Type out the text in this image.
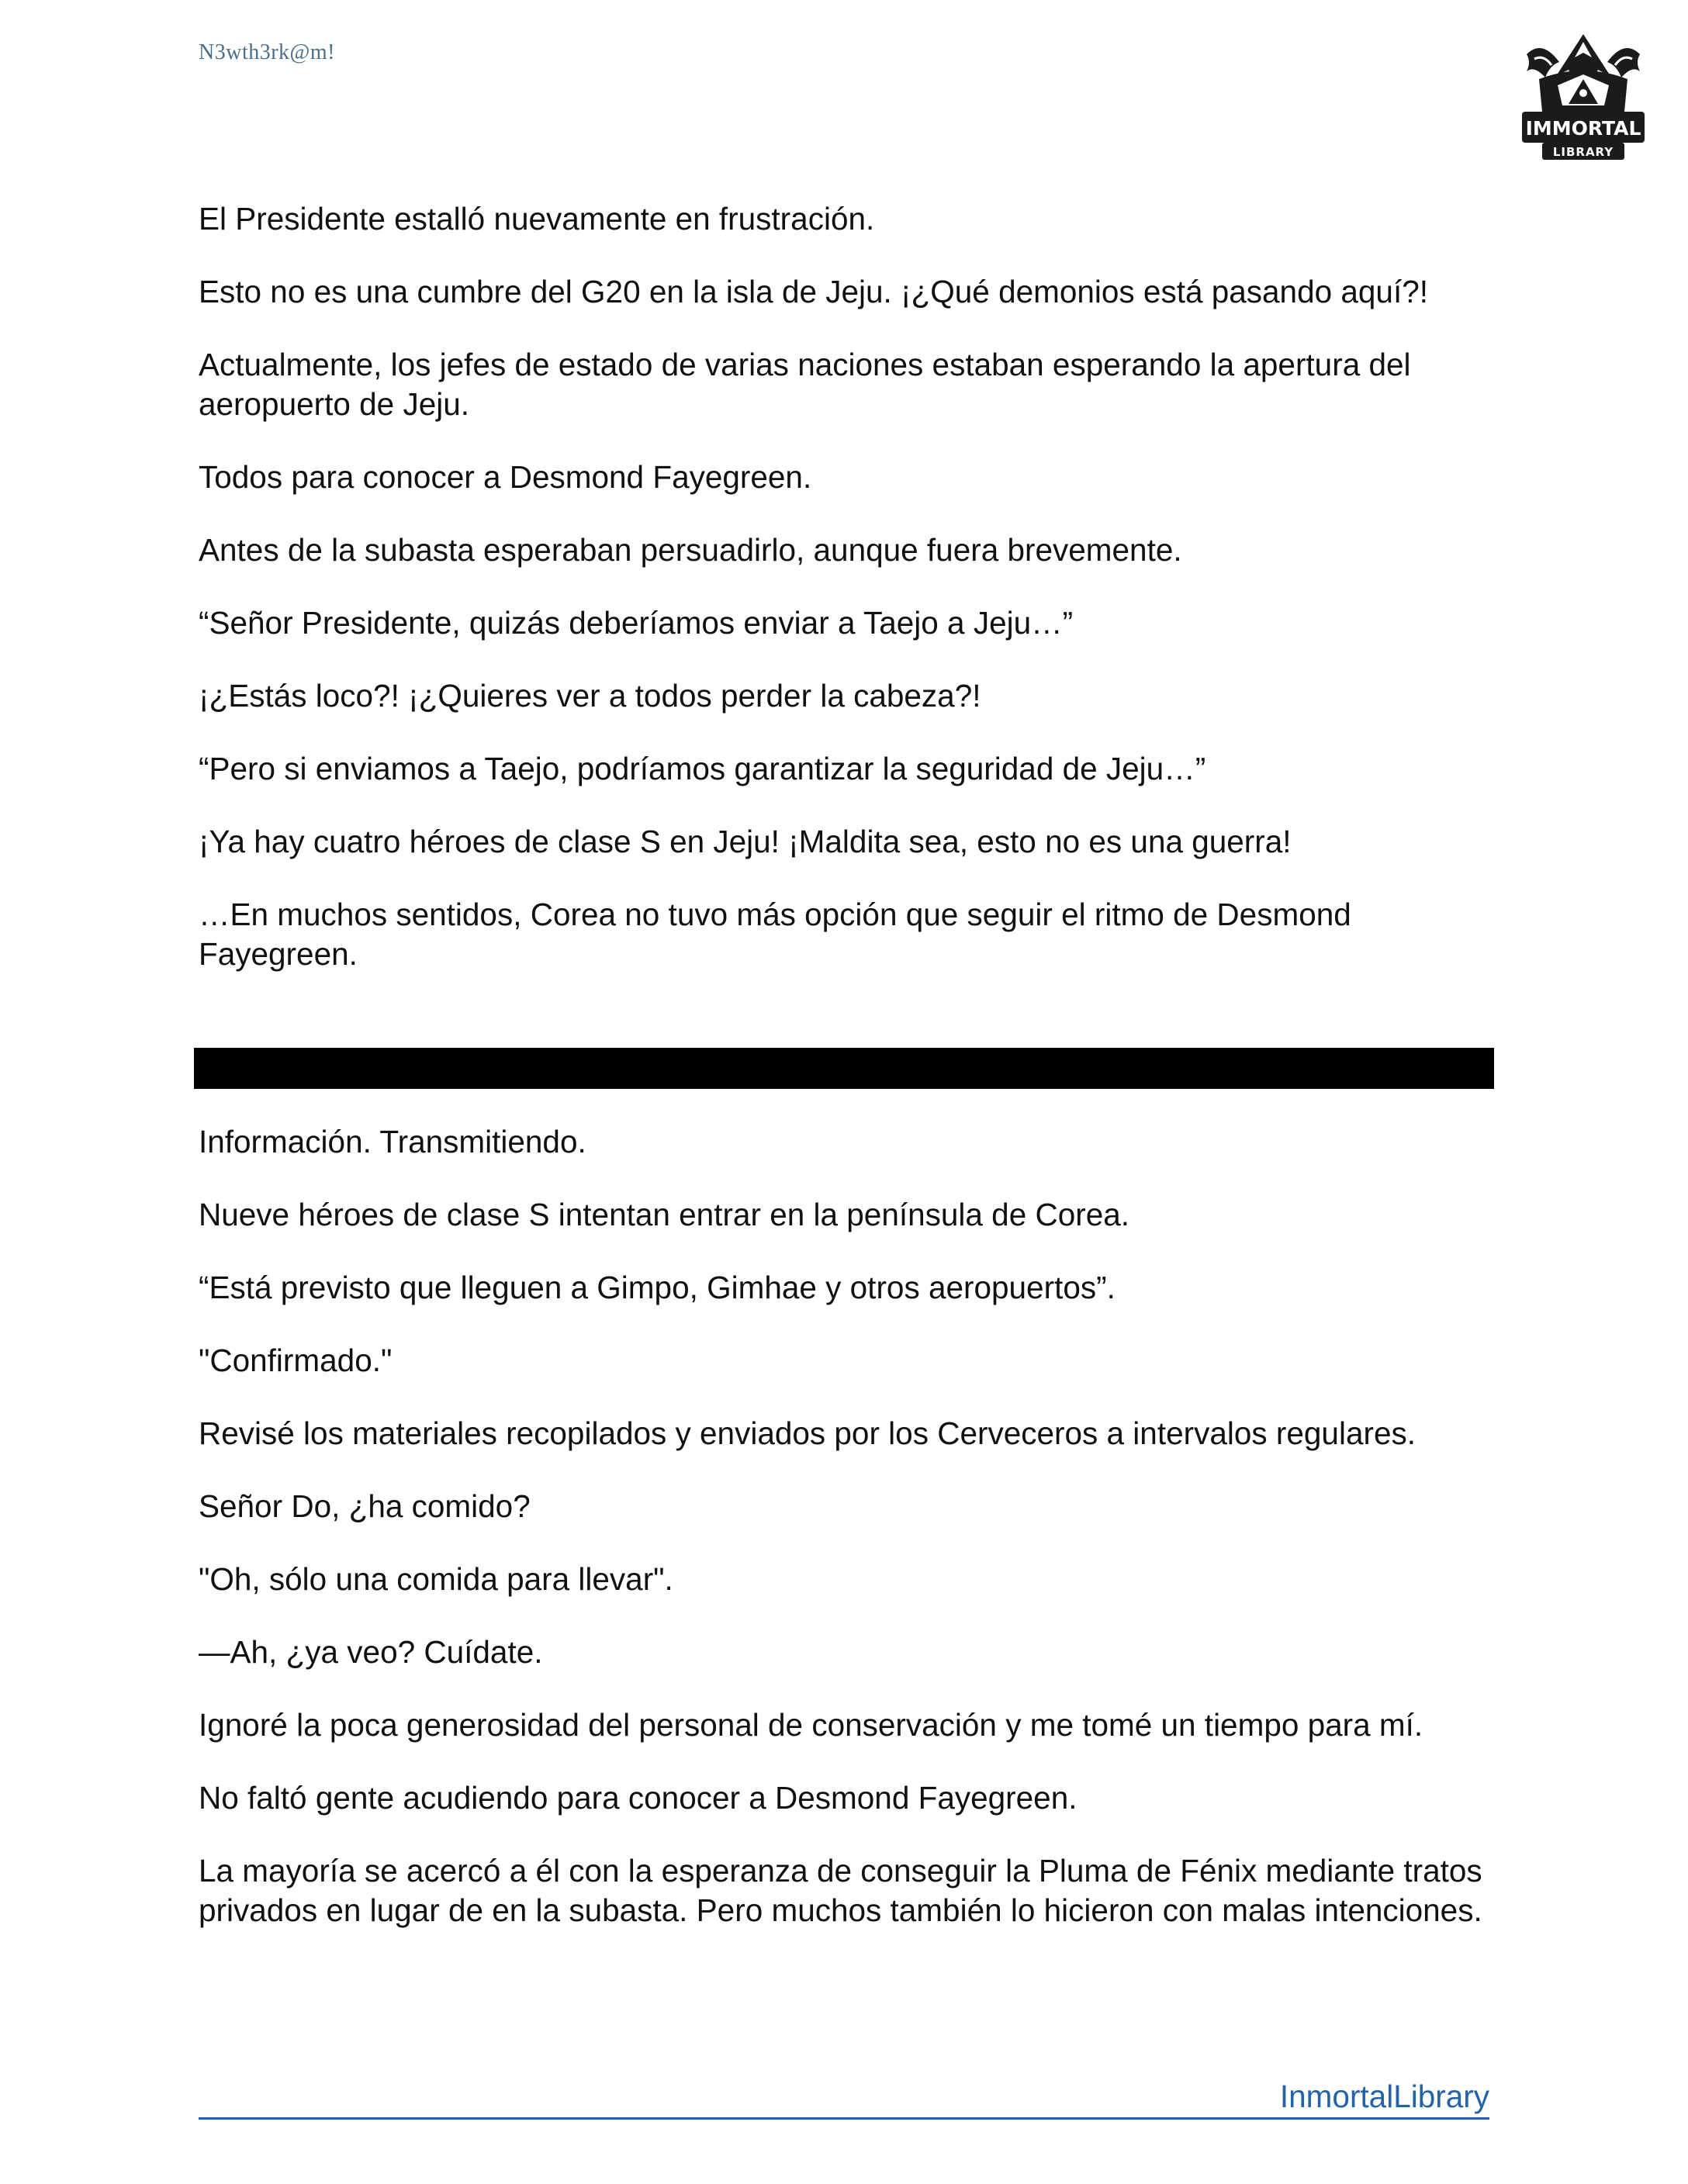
N3wth3rk@m!
IMMORTAL
LIBRARY

El Presidente estalló nuevamente en frustración.

Esto no es una cumbre del G20 en la isla de Jeju. ¡¿Qué demonios está pasando aquí?!

Actualmente, los jefes de estado de varias naciones estaban esperando la apertura del aeropuerto de Jeju.

Todos para conocer a Desmond Fayegreen.

Antes de la subasta esperaban persuadirlo, aunque fuera brevemente.

“Señor Presidente, quizás deberíamos enviar a Taejo a Jeju…”

¡¿Estás loco?! ¡¿Quieres ver a todos perder la cabeza?!

“Pero si enviamos a Taejo, podríamos garantizar la seguridad de Jeju…”

¡Ya hay cuatro héroes de clase S en Jeju! ¡Maldita sea, esto no es una guerra!

…En muchos sentidos, Corea no tuvo más opción que seguir el ritmo de Desmond Fayegreen.

Información. Transmitiendo.

Nueve héroes de clase S intentan entrar en la península de Corea.

“Está previsto que lleguen a Gimpo, Gimhae y otros aeropuertos”.

"Confirmado."

Revisé los materiales recopilados y enviados por los Cerveceros a intervalos regulares.

Señor Do, ¿ha comido?

"Oh, sólo una comida para llevar".

—Ah, ¿ya veo? Cuídate.

Ignoré la poca generosidad del personal de conservación y me tomé un tiempo para mí.

No faltó gente acudiendo para conocer a Desmond Fayegreen.

La mayoría se acercó a él con la esperanza de conseguir la Pluma de Fénix mediante tratos privados en lugar de en la subasta. Pero muchos también lo hicieron con malas intenciones.

InmortalLibrary
